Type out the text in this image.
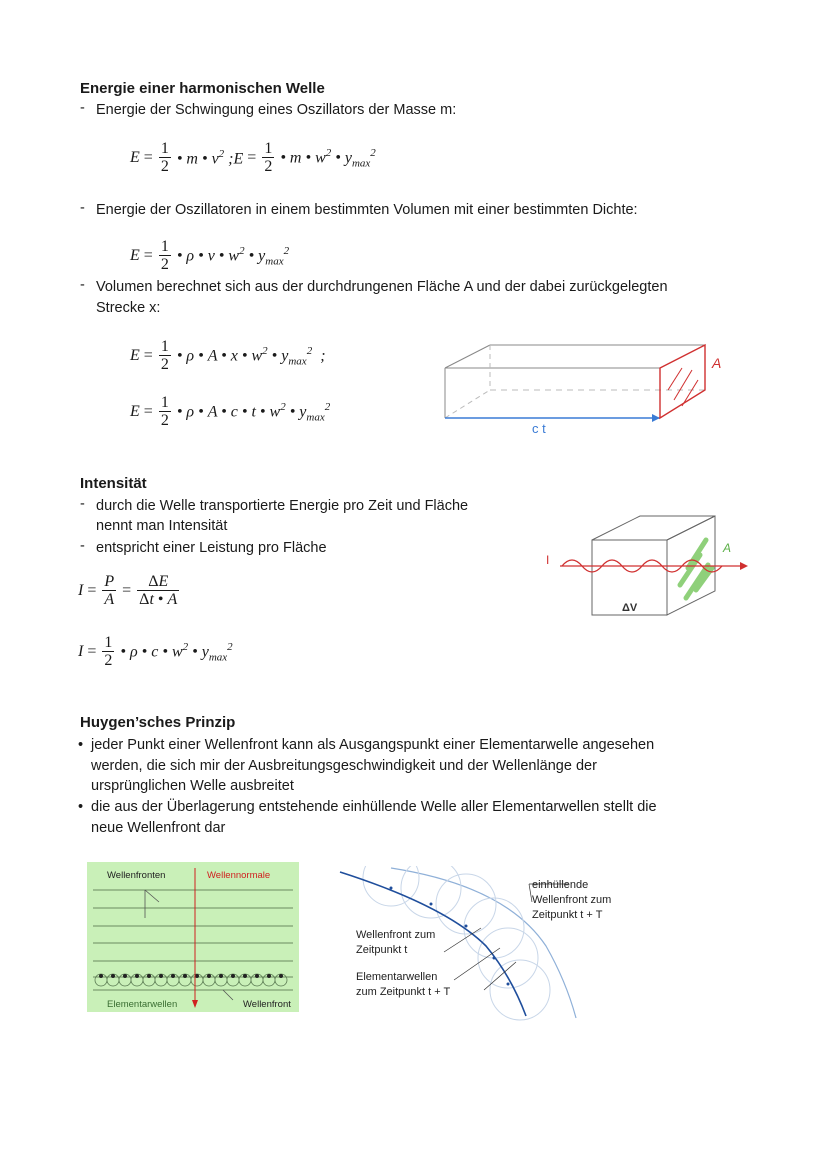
Energie einer harmonischen Welle
- Energie der Schwingung eines Oszillators der Masse m:
$E = \frac{1}{2}$ • m • $v^2$ ;E = $\frac{1}{2}$ • m • $w^2$ • $y_{max}^2$
- Energie der Oszillatoren in einem bestimmten Volumen mit einer bestimmten Dichte:
$E = \frac{1}{2}$ • ρ • v • $w^2$ • $y_{max}^2$
- Volumen berechnet sich aus der durchdrungenen Fläche A und der dabei zurückgelegten
Strecke x:
$E = \frac{1}{2}$ • ρ • A • x • $w^2$ • $y_{max}^2$  ;
$E = \frac{1}{2}$ • ρ • A • c • t • $w^2$ • $y_{max}^2$
A
c t
Intensität
- durch die Welle transportierte Energie pro Zeit und Fläche
nennt man Intensität
- entspricht einer Leistung pro Fläche
$I = \frac{P}{A} = \frac{\Delta E}{\Delta t • A}$
$I = \frac{1}{2}$ • ρ • c • $w^2$ • $y_{max}^2$
I
A
ΔV
Huygen’sches Prinzip
• jeder Punkt einer Wellenfront kann als Ausgangspunkt einer Elementarwelle angesehen
werden, die sich mir der Ausbreitungsgeschwindigkeit und der Wellenlänge der
ursprünglichen Welle ausbreitet
• die aus der Überlagerung entstehende einhüllende Welle aller Elementarwellen stellt die
neue Wellenfront dar
Wellenfronten	Wellennormale
Elementarwellen	Wellenfront
einhüllende
Wellenfront zum
Zeitpunkt t + T
Wellenfront zum
Zeitpunkt t
Elementarwellen
zum Zeitpunkt t + T
